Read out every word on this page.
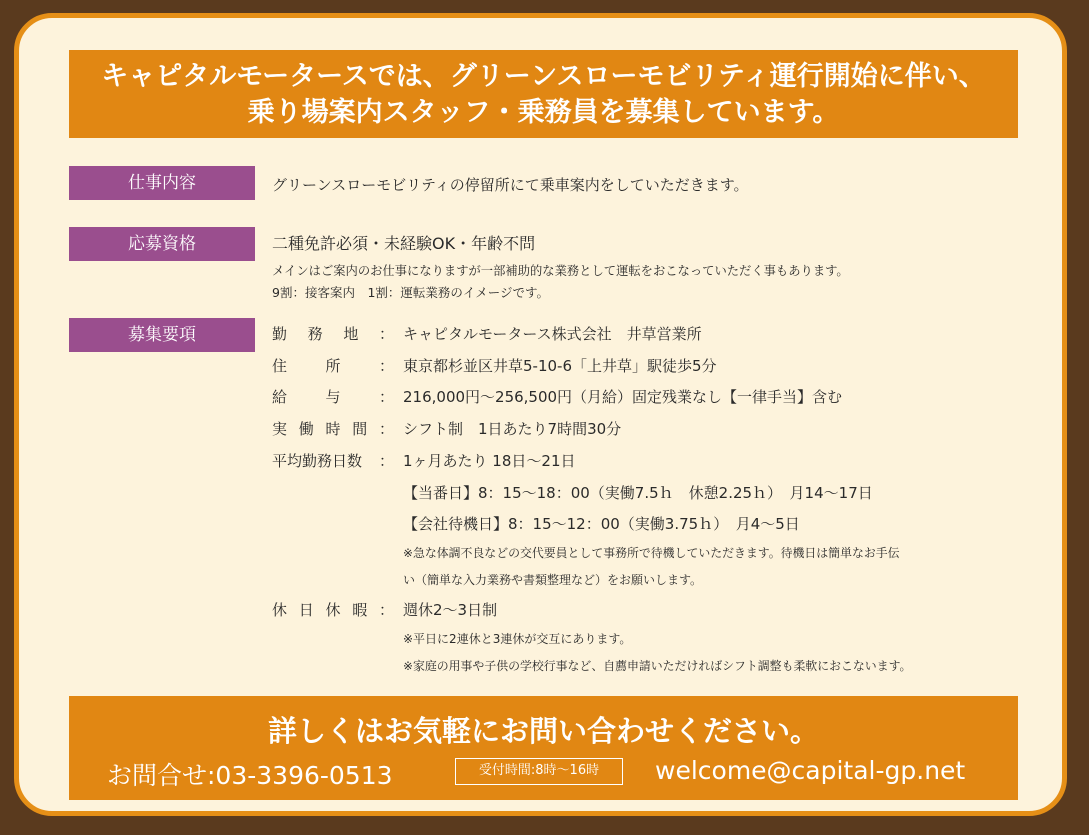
キャピタルモータースでは、グリーンスローモビリティ運行開始に伴い、
乗り場案内スタッフ・乗務員を募集しています。
仕事内容	グリーンスローモビリティの停留所にて乗車案内をしていただきます。
応募資格	二種免許必須・未経験OK・年齢不問
メインはご案内のお仕事になりますが一部補助的な業務として運転をおこなっていただく事もあります。
9割：接客案内　1割：運転業務のイメージです。
募集要項	勤 務 地 ： キャピタルモータース株式会社　井草営業所
住	所	： 東京都杉並区井草5-10-6「上井草」駅徒歩5分
給	与	： 216,000円～256,500円（月給）固定残業なし【一律手当】含む
実 働 時 間 ： シフト制　1日あたり7時間30分
平均勤務日数 ： 1ヶ月あたり 18日～21日
【当番日】8：15～18：00（実働7.5ｈ　休憩2.25ｈ）　月14～17日
【会社待機日】8：15～12：00（実働3.75ｈ）　月4～5日
※急な体調不良などの交代要員として事務所で待機していただきます。待機日は簡単なお手伝
い（簡単な入力業務や書類整理など）をお願いします。
休 日 休 暇 ： 週休2～3日制
※平日に2連休と3連休が交互にあります。
※家庭の用事や子供の学校行事など、自薦申請いただければシフト調整も柔軟におこないます。
詳しくはお気軽にお問い合わせください。
お問合せ:03-3396-0513	受付時間:8時～16時	welcome@capital-gp.net
